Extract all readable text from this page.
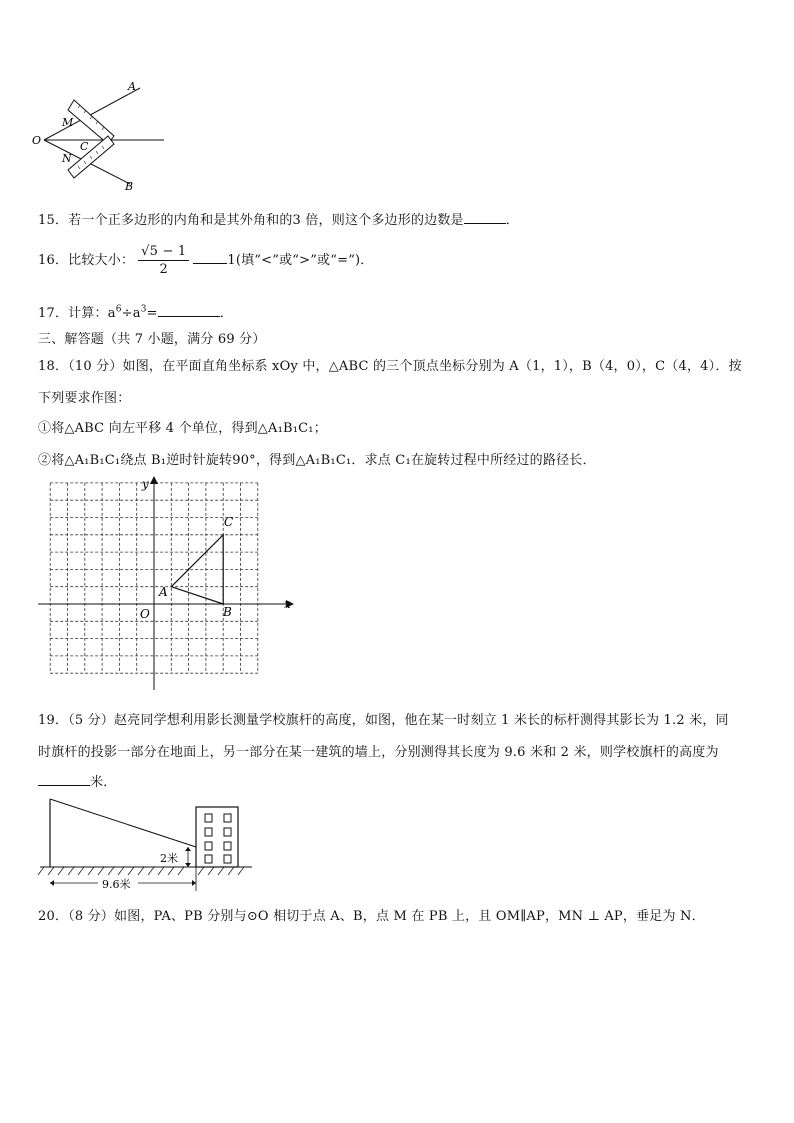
A
B
O
M
N
C
15．若一个正多边形的内角和是其外角和的3 倍，则这个多边形的边数是	．
16．比较大小： $\frac{√5 - 1}{2}$	1(填“<”或“>”或“=”)．
17．计算：$a^6\div a^3=$	．
三、解答题（共 7 小题，满分 69 分）
18．（10 分）如图，在平面直角坐标系 xOy 中，△ABC 的三个顶点坐标分别为 A（1，1），B（4，0），C（4，4）．按
下列要求作图：
①将△ABC 向左平移 4 个单位，得到△A₁B₁C₁；
②将△A₁B₁C₁绕点 B₁逆时针旋转90°，得到△A₁B₁C₁．求点 C₁在旋转过程中所经过的路径长．
x
y
O
A
B
C
19．（5 分）赵亮同学想利用影长测量学校旗杆的高度，如图，他在某一时刻立 1 米长的标杆测得其影长为 1.2 米，同
时旗杆的投影一部分在地面上，另一部分在某一建筑的墙上，分别测得其长度为 9.6 米和 2 米，则学校旗杆的高度为
米．
2米
9.6米
20．（8 分）如图，PA、PB 分别与⊙O 相切于点 A、B，点 M 在 PB 上，且 OM∥AP，MN ⊥ AP，垂足为 N．
